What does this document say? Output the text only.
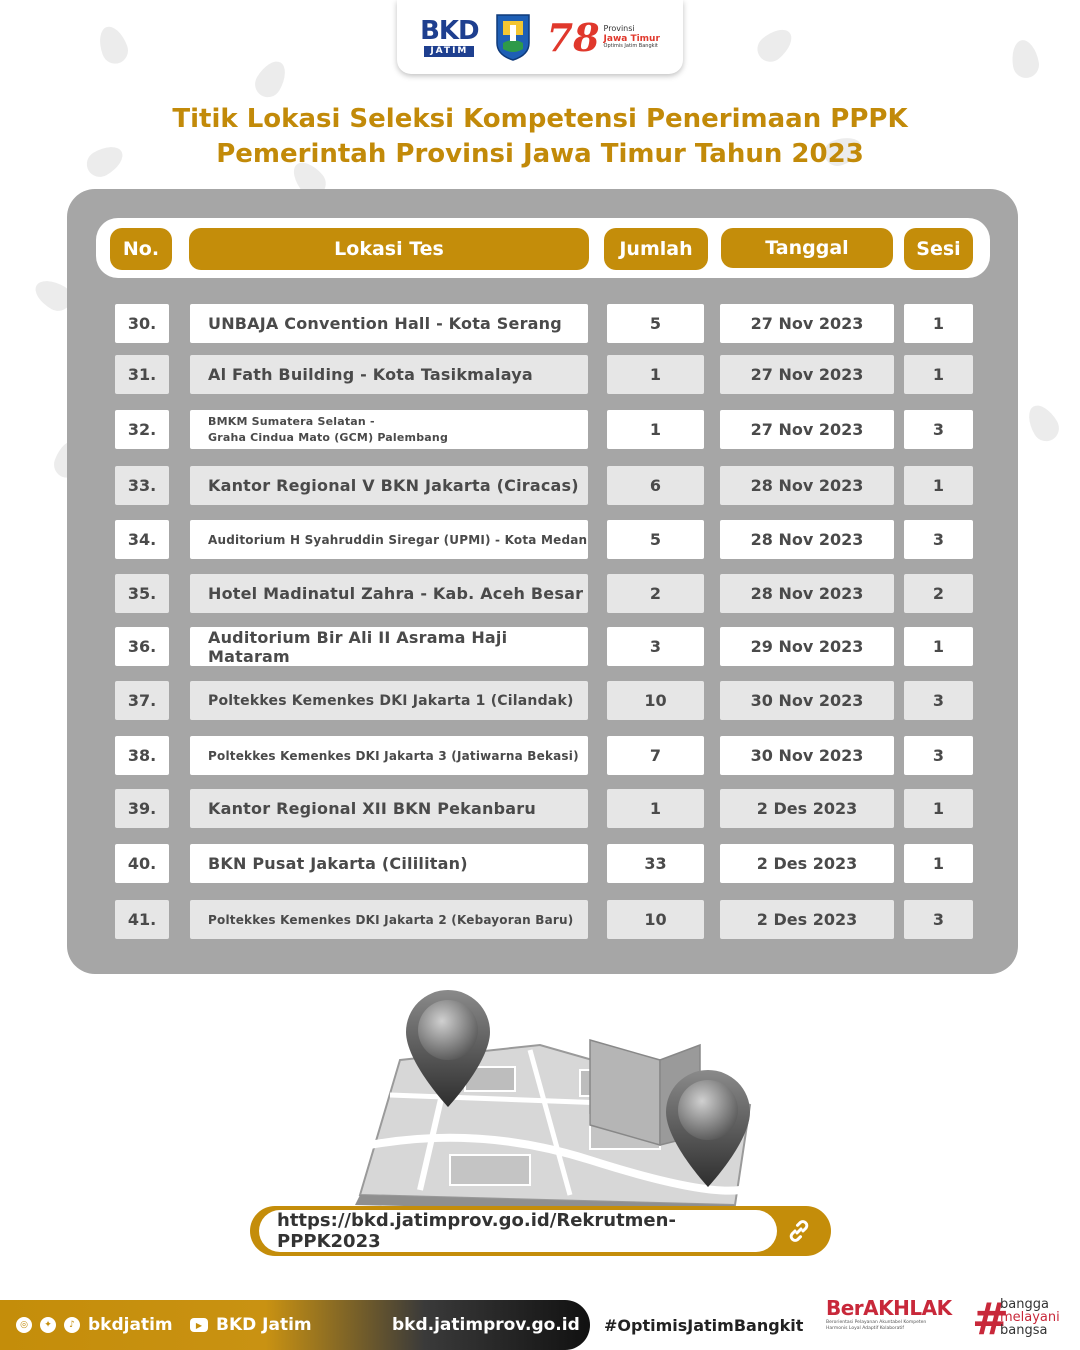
BKD
JATIM 78 Provinsi
Jawa Timur
Optimis Jatim Bangkit
Titik Lokasi Seleksi Kompetensi Penerimaan PPPK
Pemerintah Provinsi Jawa Timur Tahun 2023
No.	Lokasi Tes	Jumlah	Tanggal	Sesi
30.	UNBAJA Convention Hall - Kota Serang	5	27 Nov 2023	1
31.	Al Fath Building - Kota Tasikmalaya	1	27 Nov 2023	1
32.	BMKM Sumatera Selatan -
Graha Cindua Mato (GCM) Palembang	1	27 Nov 2023	3
33.	Kantor Regional V BKN Jakarta (Ciracas)	6	28 Nov 2023	1
34.	Auditorium H Syahruddin Siregar (UPMI) - Kota Medan	5	28 Nov 2023	3
35.	Hotel Madinatul Zahra - Kab. Aceh Besar	2	28 Nov 2023	2
36.	Auditorium Bir Ali II Asrama Haji Mataram	3	29 Nov 2023	1
37.	Poltekkes Kemenkes DKI Jakarta 1 (Cilandak)	10	30 Nov 2023	3
38.	Poltekkes Kemenkes DKI Jakarta 3 (Jatiwarna Bekasi)	7	30 Nov 2023	3
39.	Kantor Regional XII BKN Pekanbaru	1	2 Des 2023	1
40.	BKN Pusat Jakarta (Cililitan)	33	2 Des 2023	1
41.	Poltekkes Kemenkes DKI Jakarta 2 (Kebayoran Baru)	10	2 Des 2023	3
https://bkd.jatimprov.go.id/Rekrutmen-PPPK2023
◎	✦	♪ bkdjatim	▶ BKD Jatim	bkd.jatimprov.go.id #OptimisJatimBangkit
BerAKHLAK
Berorientasi Pelayanan Akuntabel Kompeten
Harmonis Loyal Adaptif Kolaboratif	#
bangga
melayani
bangsa
